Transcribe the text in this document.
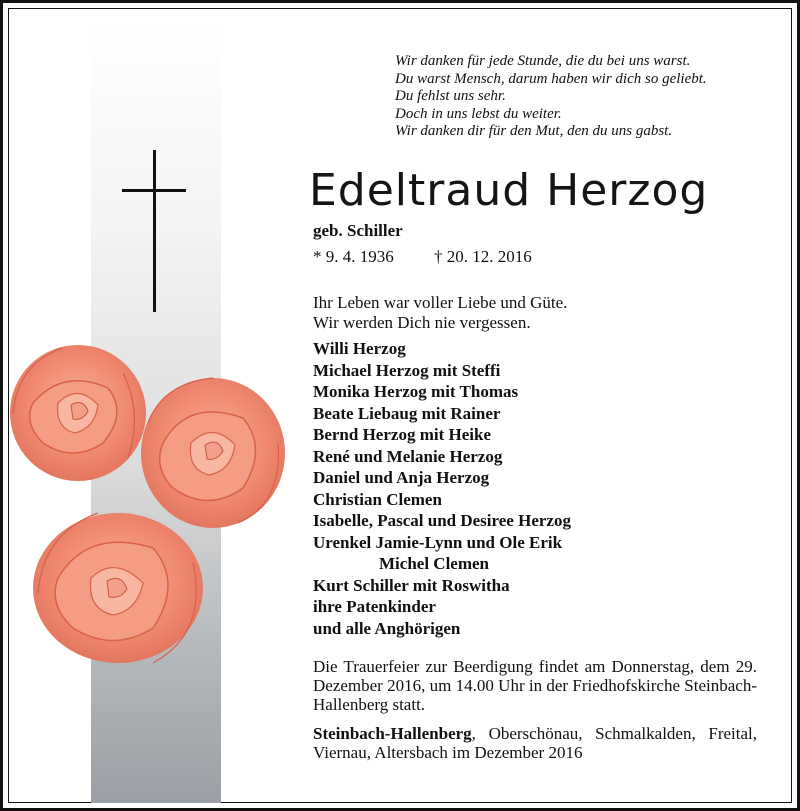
Wir danken für jede Stunde, die du bei uns warst.
Du warst Mensch, darum haben wir dich so geliebt.
Du fehlst uns sehr.
Doch in uns lebst du weiter.
Wir danken dir für den Mut, den du uns gabst.
Edeltraud Herzog
geb. Schiller
* 9. 4. 1936 † 20. 12. 2016
Ihr Leben war voller Liebe und Güte.
Wir werden Dich nie vergessen.
Willi Herzog
Michael Herzog mit Steffi
Monika Herzog mit Thomas
Beate Liebaug mit Rainer
Bernd Herzog mit Heike
René und Melanie Herzog
Daniel und Anja Herzog
Christian Clemen
Isabelle, Pascal und Desiree Herzog
Urenkel Jamie-Lynn und Ole Erik
Michel Clemen
Kurt Schiller mit Roswitha
ihre Patenkinder
und alle Anghörigen
Die Trauerfeier zur Beerdigung findet am Donnerstag, dem 29. Dezember 2016, um 14.00 Uhr in der Friedhofskirche Steinbach-Hallenberg statt.
Steinbach-Hallenberg, Oberschönau, Schmalkalden, Freital, Viernau, Altersbach im Dezember 2016
